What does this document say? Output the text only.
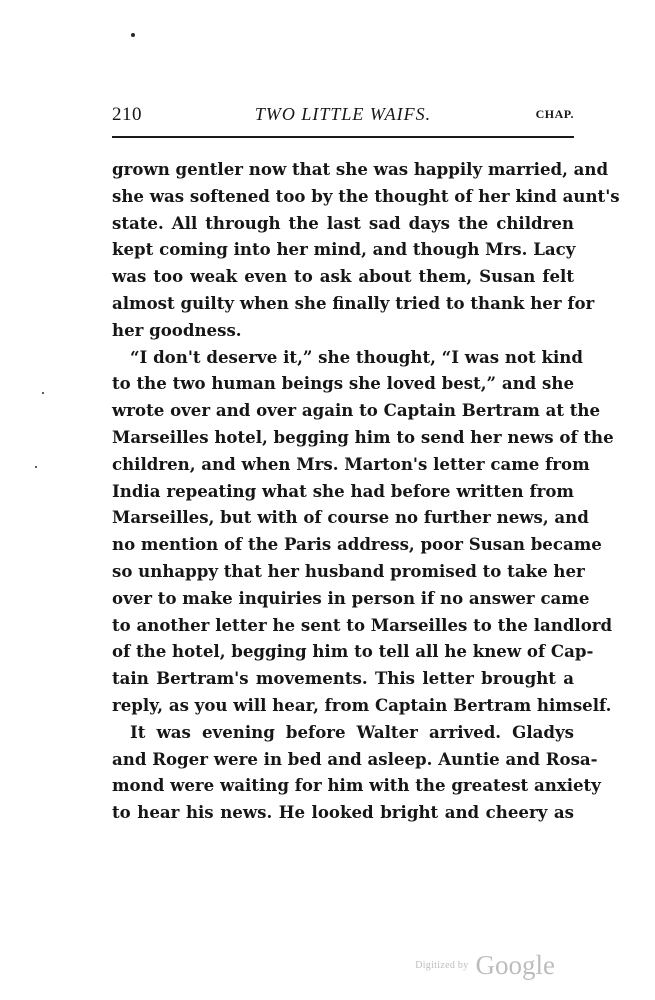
210	TWO LITTLE WAIFS.	CHAP.
grown gentler now that she was happily married, and
she was softened too by the thought of her kind aunt's
state. All through the last sad days the children
kept coming into her mind, and though Mrs. Lacy
was too weak even to ask about them, Susan felt
almost guilty when she finally tried to thank her for
her goodness.
“I don't deserve it,” she thought, “I was not kind
to the two human beings she loved best,” and she
wrote over and over again to Captain Bertram at the
Marseilles hotel, begging him to send her news of the
children, and when Mrs. Marton's letter came from
India repeating what she had before written from
Marseilles, but with of course no further news, and
no mention of the Paris address, poor Susan became
so unhappy that her husband promised to take her
over to make inquiries in person if no answer came
to another letter he sent to Marseilles to the landlord
of the hotel, begging him to tell all he knew of Cap-
tain Bertram's movements. This letter brought a
reply, as you will hear, from Captain Bertram himself.
It was evening before Walter arrived. Gladys
and Roger were in bed and asleep. Auntie and Rosa-
mond were waiting for him with the greatest anxiety
to hear his news. He looked bright and cheery as
Digitized by Google
